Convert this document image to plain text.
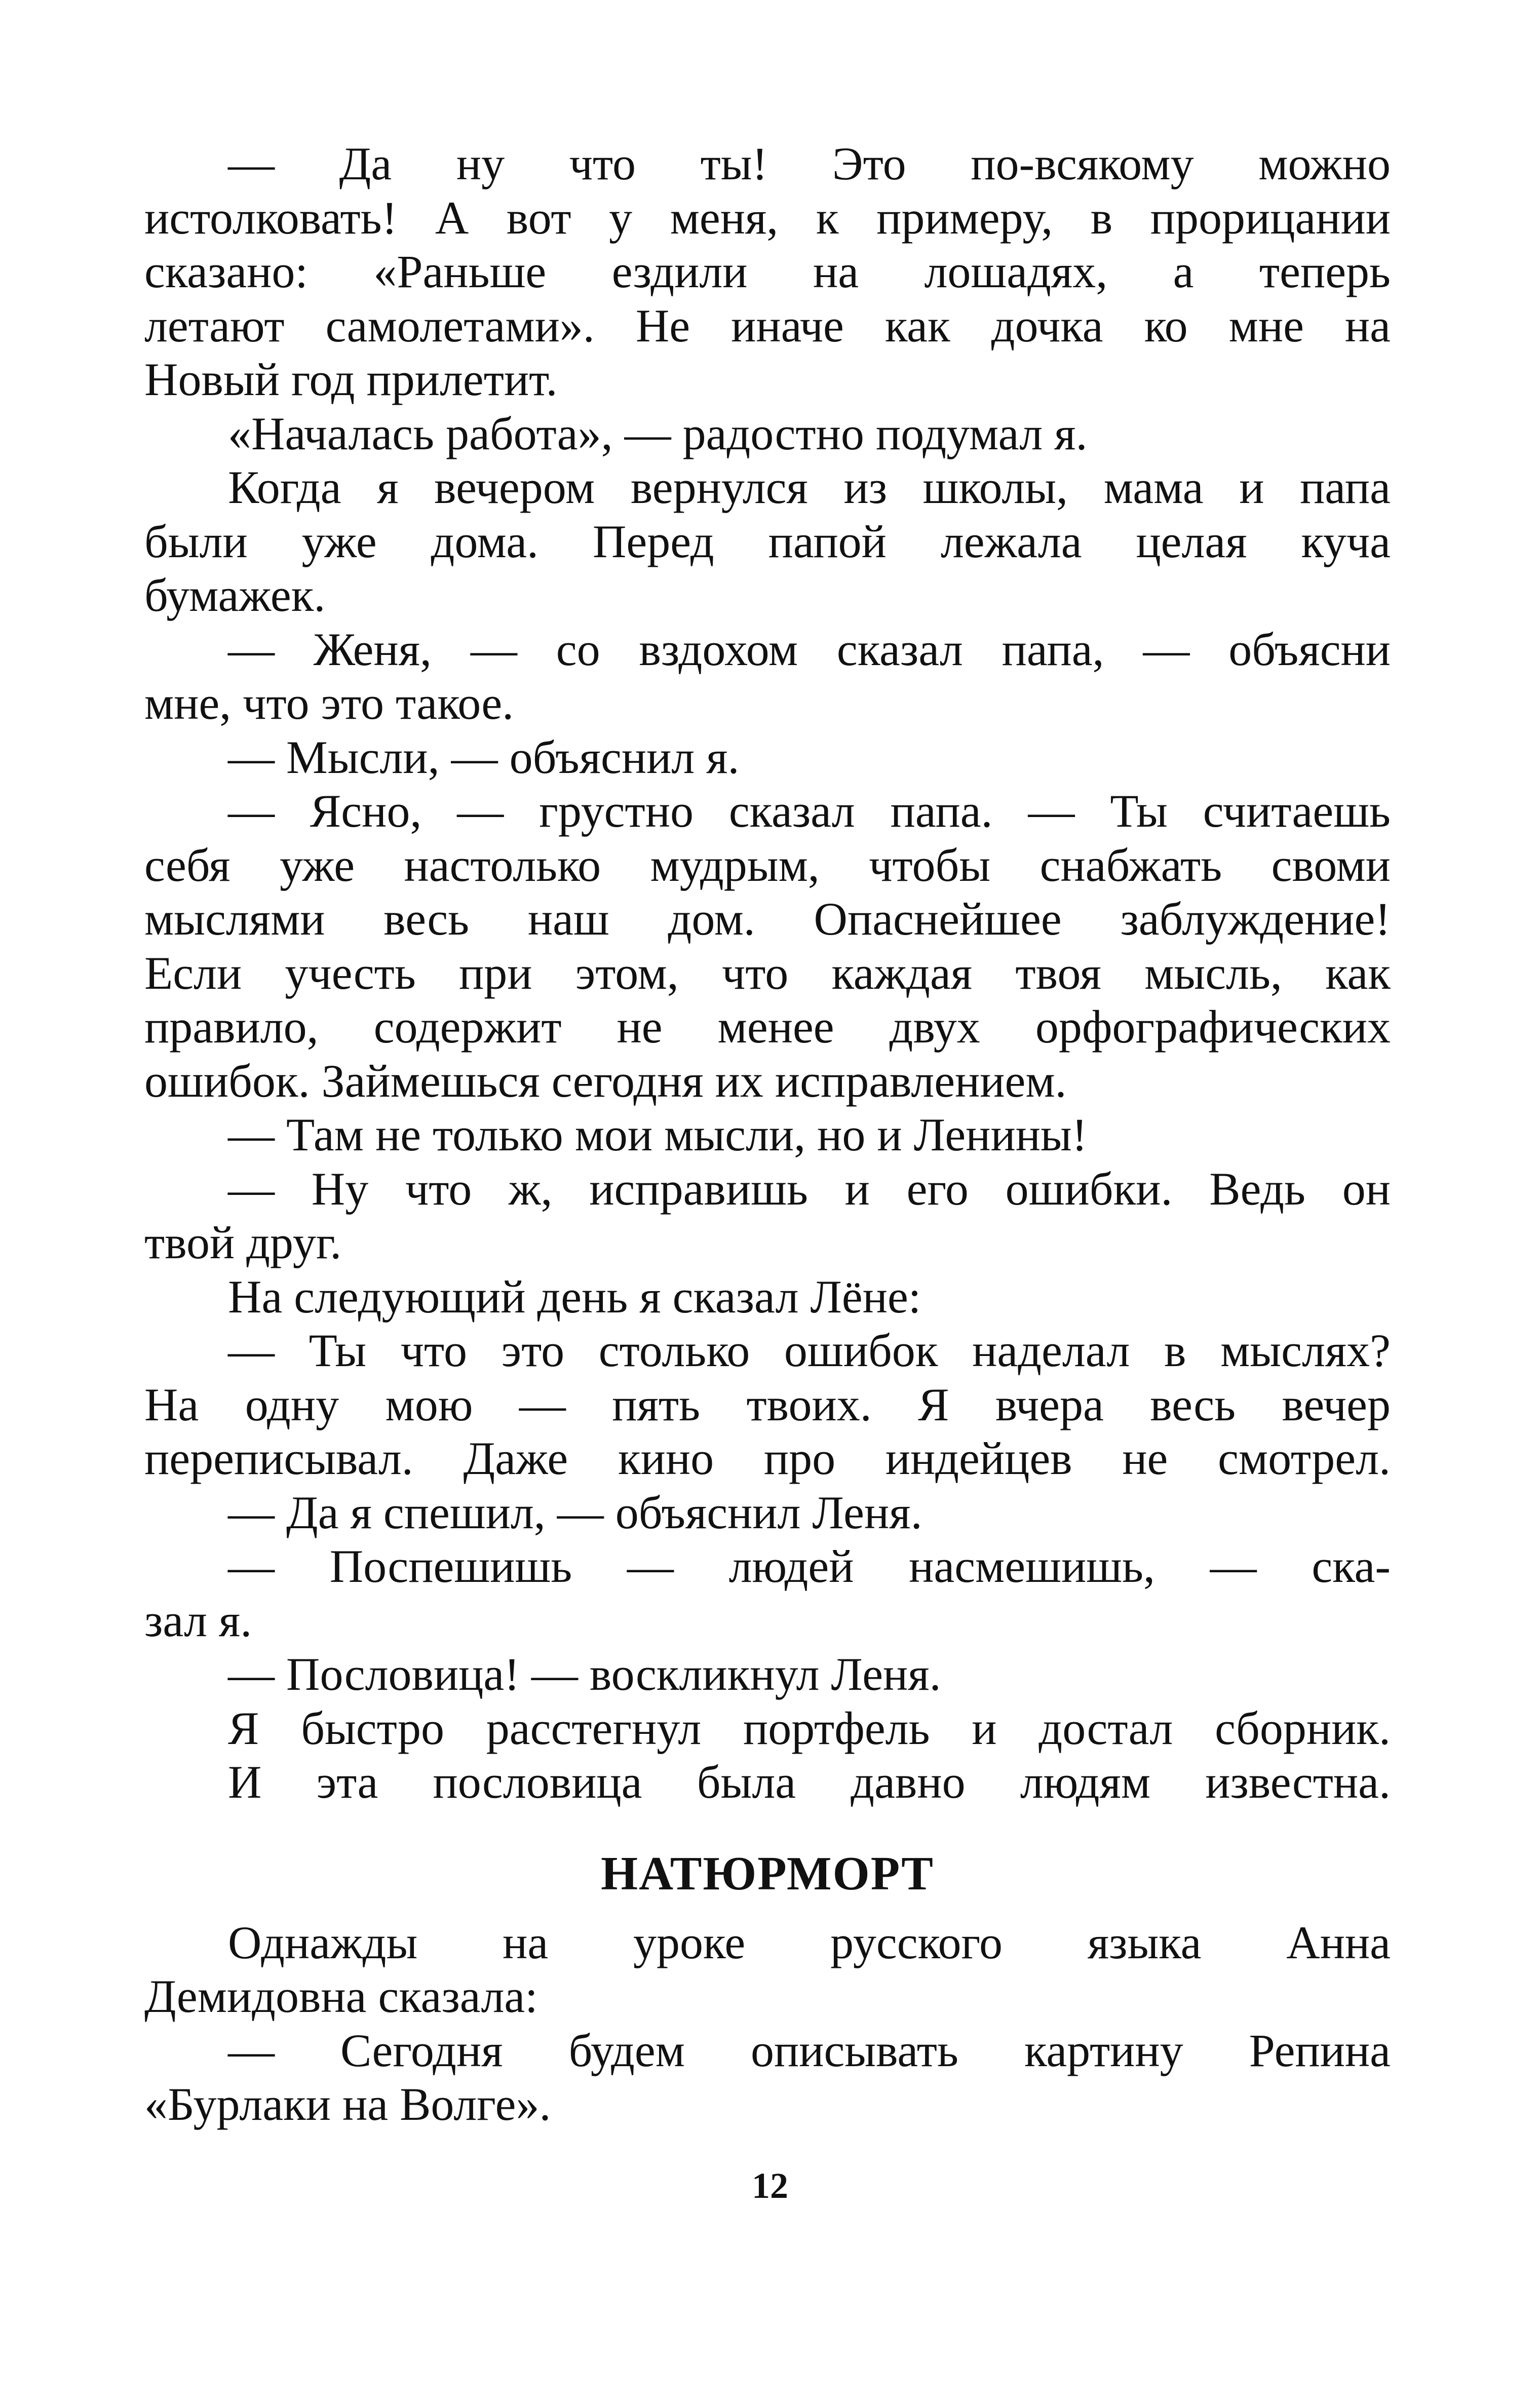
— Да ну что ты! Это по-всякому можно
истолковать! А вот у меня, к примеру, в прорицании
сказано: «Раньше ездили на лошадях, а теперь
летают самолетами». Не иначе как дочка ко мне на
Новый год прилетит.
«Началась работа», — радостно подумал я.
Когда я вечером вернулся из школы, мама и папа
были уже дома. Перед папой лежала целая куча
бумажек.
— Женя, — со вздохом сказал папа, — объясни
мне, что это такое.
— Мысли, — объяснил я.
— Ясно, — грустно сказал папа. — Ты считаешь
себя уже настолько мудрым, чтобы снабжать своми
мыслями весь наш дом. Опаснейшее заблуждение!
Если учесть при этом, что каждая твоя мысль, как
правило, содержит не менее двух орфографических
ошибок. Займешься сегодня их исправлением.
— Там не только мои мысли, но и Ленины!
— Ну что ж, исправишь и его ошибки. Ведь он
твой друг.
На следующий день я сказал Лёне:
— Ты что это столько ошибок наделал в мыслях?
На одну мою — пять твоих. Я вчера весь вечер
переписывал. Даже кино про индейцев не смотрел.
— Да я спешил, — объяснил Леня.
— Поспешишь — людей насмешишь, — ска-
зал я.
— Пословица! — воскликнул Леня.
Я быстро расстегнул портфель и достал сборник.
И эта пословица была давно людям известна.
НАТЮРМОРТ
Однажды на уроке русского языка Анна
Демидовна сказала:
— Сегодня будем описывать картину Репина
«Бурлаки на Волге».
12
